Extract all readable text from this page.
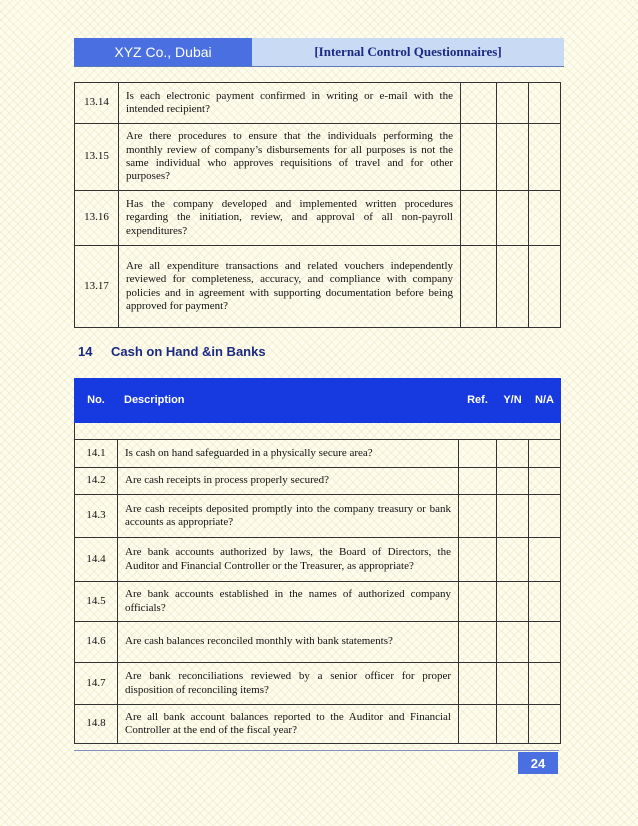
XYZ Co., Dubai	[Internal Control Questionnaires]
13.14	Is each electronic payment confirmed in writing or e-mail with the intended recipient?			
13.15	Are there procedures to ensure that the individuals performing the monthly review of company’s disbursements for all purposes is not the same individual who approves requisitions of travel and for other purposes?			
13.16	Has the company developed and implemented written procedures regarding the initiation, review, and approval of all non-payroll expenditures?			
13.17	Are all expenditure transactions and related vouchers independently reviewed for completeness, accuracy, and compliance with company policies and in agreement with supporting documentation before being approved for payment?			
14 Cash on Hand &in Banks
No.	Description	Ref.	Y/N	N/A

14.1	Is cash on hand safeguarded in a physically secure area?			
14.2	Are cash receipts in process properly secured?			
14.3	Are cash receipts deposited promptly into the company treasury or bank accounts as appropriate?			
14.4	Are bank accounts authorized by laws, the Board of Directors, the Auditor and Financial Controller or the Treasurer, as appropriate?			
14.5	Are bank accounts established in the names of authorized company officials?			
14.6	Are cash balances reconciled monthly with bank statements?			
14.7	Are bank reconciliations reviewed by a senior officer for proper disposition of reconciling items?			
14.8	Are all bank account balances reported to the Auditor and Financial Controller at the end of the fiscal year?			
24
